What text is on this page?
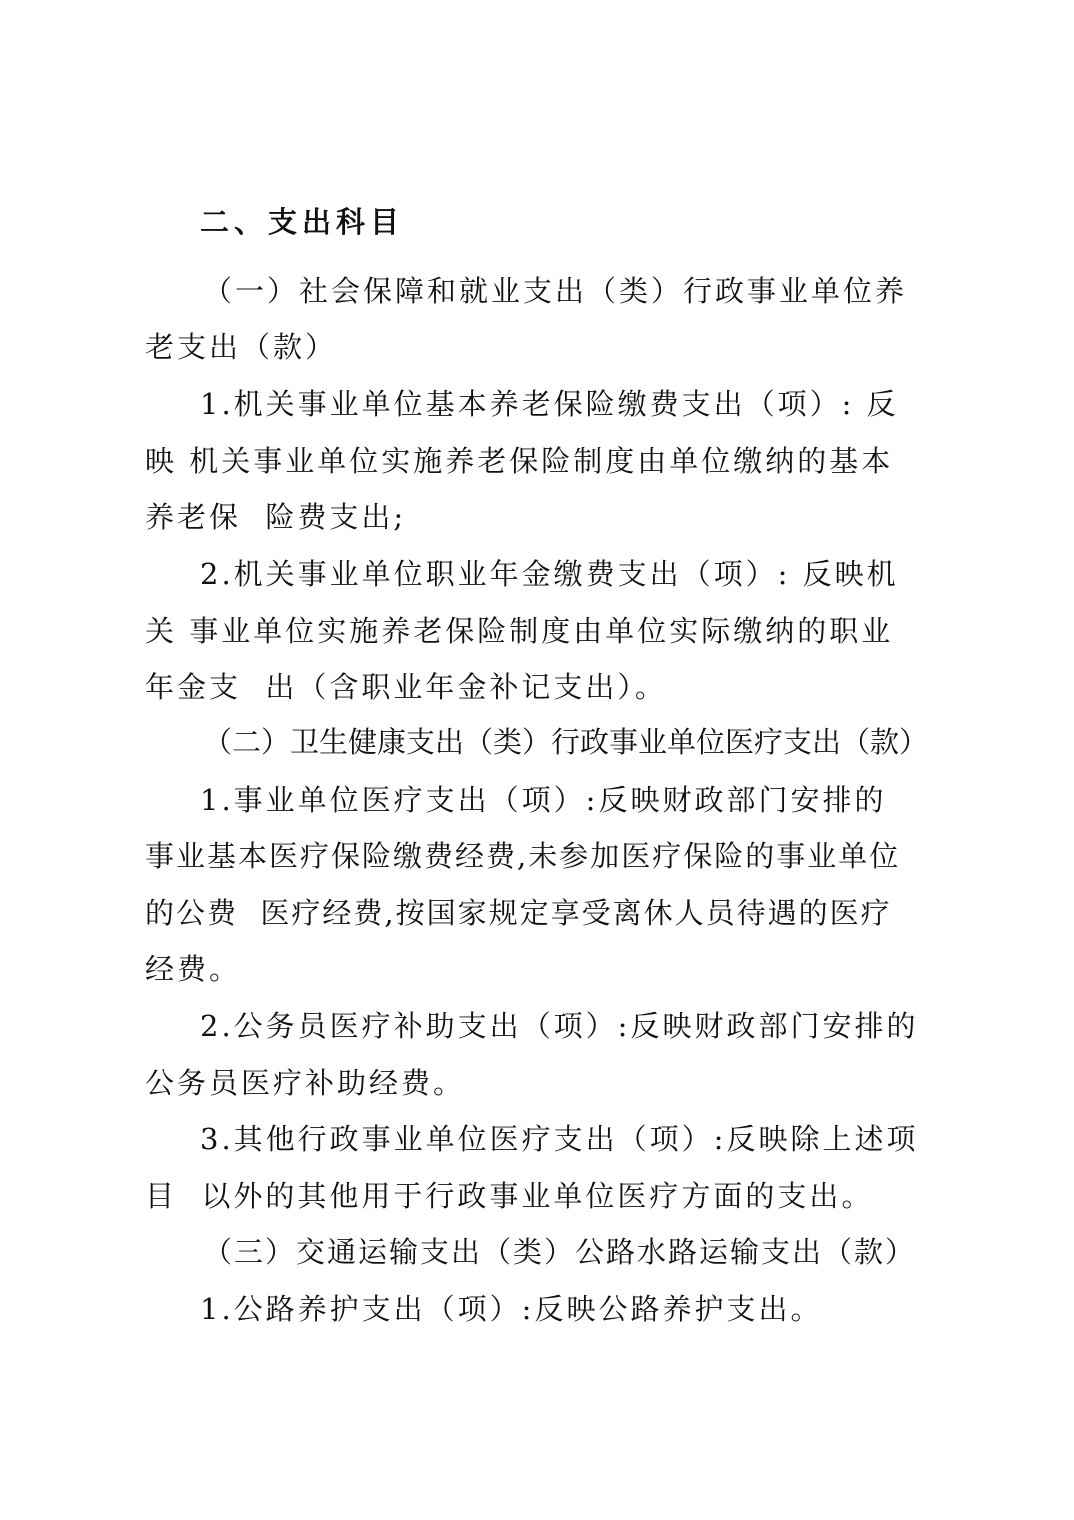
二、支出科目
（一）社会保障和就业支出（类）行政事业单位养
老支出（款）
1.机关事业单位基本养老保险缴费支出（项）: 反
映 机关事业单位实施养老保险制度由单位缴纳的基本
养老保  险费支出;
2.机关事业单位职业年金缴费支出（项）: 反映机
关 事业单位实施养老保险制度由单位实际缴纳的职业
年金支  出（含职业年金补记支出）。
（二）卫生健康支出（类）行政事业单位医疗支出（款）
1.事业单位医疗支出（项）:反映财政部门安排的
事业基本医疗保险缴费经费,未参加医疗保险的事业单位
的公费  医疗经费,按国家规定享受离休人员待遇的医疗
经费。
2.公务员医疗补助支出（项）:反映财政部门安排的
公务员医疗补助经费。
3.其他行政事业单位医疗支出（项）:反映除上述项
目  以外的其他用于行政事业单位医疗方面的支出。
（三）交通运输支出（类）公路水路运输支出（款）
1.公路养护支出（项）:反映公路养护支出。
